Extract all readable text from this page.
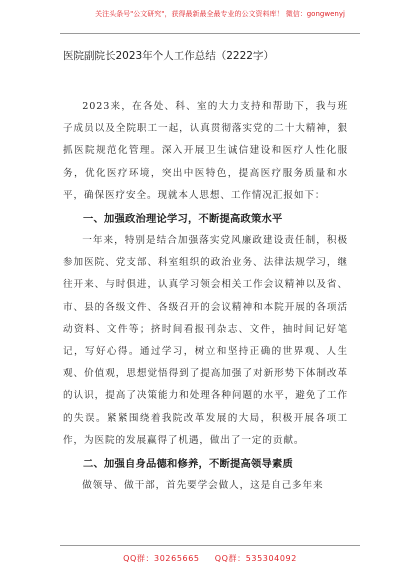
关注头条号"公文研究"，获得最新最全最专业的公文资料库！ 微信：gongwenyj
医院副院长2023年个人工作总结（2222字）

2023来，在各处、科、室的大力支持和帮助下，我与班子成员以及全院职工一起，认真贯彻落实党的二十大精神，狠抓医院规范化管理。深入开展卫生诚信建设和医疗人性化服务，优化医疗环境，突出中医特色，提高医疗服务质量和水平，确保医疗安全。现就本人思想、工作情况汇报如下：

一、加强政治理论学习，不断提高政策水平

一年来，特别是结合加强落实党风廉政建设责任制，积极参加医院、党支部、科室组织的政治业务、法律法规学习，继往开来、与时俱进，认真学习领会相关工作会议精神以及省、市、县的各级文件、各级召开的会议精神和本院开展的各项活动资料、文件等；挤时间看报刊杂志、文件，抽时间记好笔记，写好心得。通过学习，树立和坚持正确的世界观、人生观、价值观，思想觉悟得到了提高加强了对新形势下体制改革的认识，提高了决策能力和处理各种问题的水平，避免了工作的失误。紧紧围绕着我院改革发展的大局，积极开展各项工作，为医院的发展赢得了机遇，做出了一定的贡献。

二、加强自身品德和修养，不断提高领导素质

做领导、做干部，首先要学会做人，这是自己多年来

QQ群：30265665 QQ群：535304092
